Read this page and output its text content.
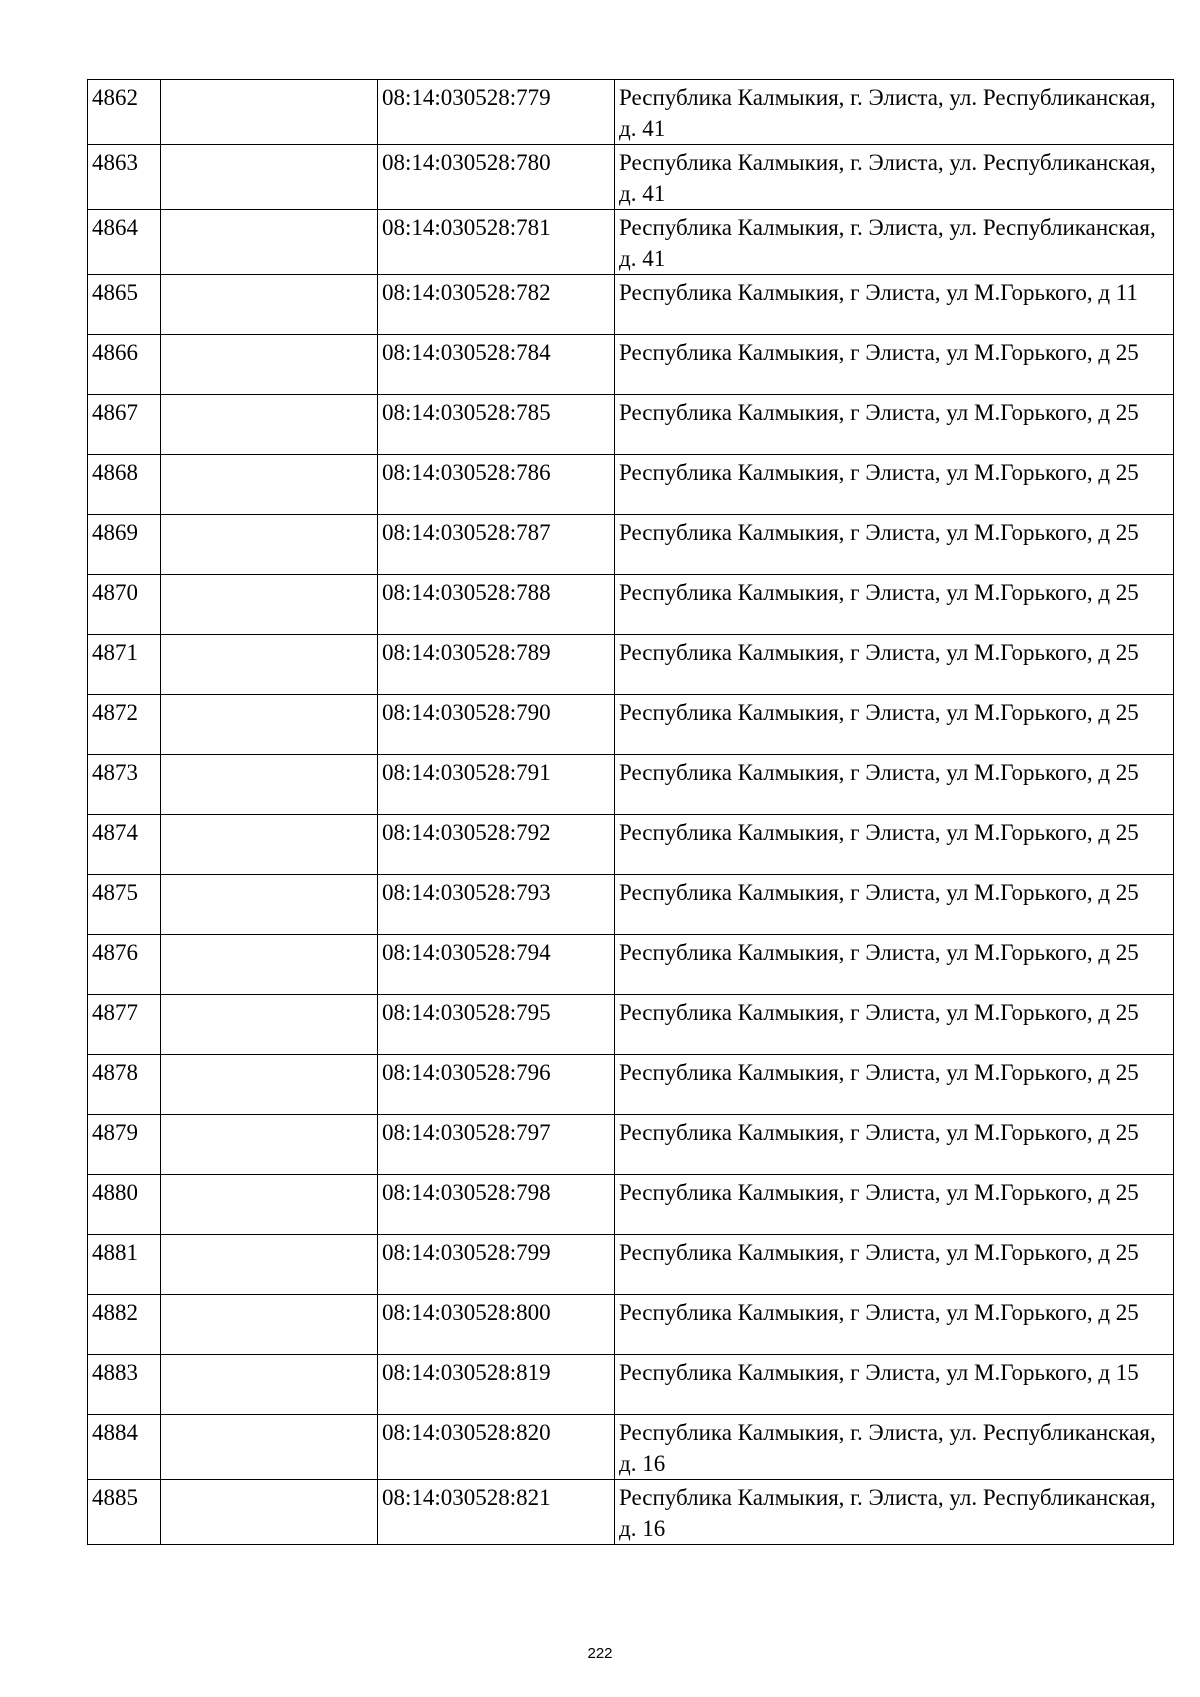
4862		08:14:030528:779	Республика Калмыкия, г. Элиста, ул. Республиканская, д. 41
4863		08:14:030528:780	Республика Калмыкия, г. Элиста, ул. Республиканская, д. 41
4864		08:14:030528:781	Республика Калмыкия, г. Элиста, ул. Республиканская, д. 41
4865		08:14:030528:782	Республика Калмыкия, г Элиста, ул М.Горького, д 11
4866		08:14:030528:784	Республика Калмыкия, г Элиста, ул М.Горького, д 25
4867		08:14:030528:785	Республика Калмыкия, г Элиста, ул М.Горького, д 25
4868		08:14:030528:786	Республика Калмыкия, г Элиста, ул М.Горького, д 25
4869		08:14:030528:787	Республика Калмыкия, г Элиста, ул М.Горького, д 25
4870		08:14:030528:788	Республика Калмыкия, г Элиста, ул М.Горького, д 25
4871		08:14:030528:789	Республика Калмыкия, г Элиста, ул М.Горького, д 25
4872		08:14:030528:790	Республика Калмыкия, г Элиста, ул М.Горького, д 25
4873		08:14:030528:791	Республика Калмыкия, г Элиста, ул М.Горького, д 25
4874		08:14:030528:792	Республика Калмыкия, г Элиста, ул М.Горького, д 25
4875		08:14:030528:793	Республика Калмыкия, г Элиста, ул М.Горького, д 25
4876		08:14:030528:794	Республика Калмыкия, г Элиста, ул М.Горького, д 25
4877		08:14:030528:795	Республика Калмыкия, г Элиста, ул М.Горького, д 25
4878		08:14:030528:796	Республика Калмыкия, г Элиста, ул М.Горького, д 25
4879		08:14:030528:797	Республика Калмыкия, г Элиста, ул М.Горького, д 25
4880		08:14:030528:798	Республика Калмыкия, г Элиста, ул М.Горького, д 25
4881		08:14:030528:799	Республика Калмыкия, г Элиста, ул М.Горького, д 25
4882		08:14:030528:800	Республика Калмыкия, г Элиста, ул М.Горького, д 25
4883		08:14:030528:819	Республика Калмыкия, г Элиста, ул М.Горького, д 15
4884		08:14:030528:820	Республика Калмыкия, г. Элиста, ул. Республиканская, д. 16
4885		08:14:030528:821	Республика Калмыкия, г. Элиста, ул. Республиканская, д. 16
222
